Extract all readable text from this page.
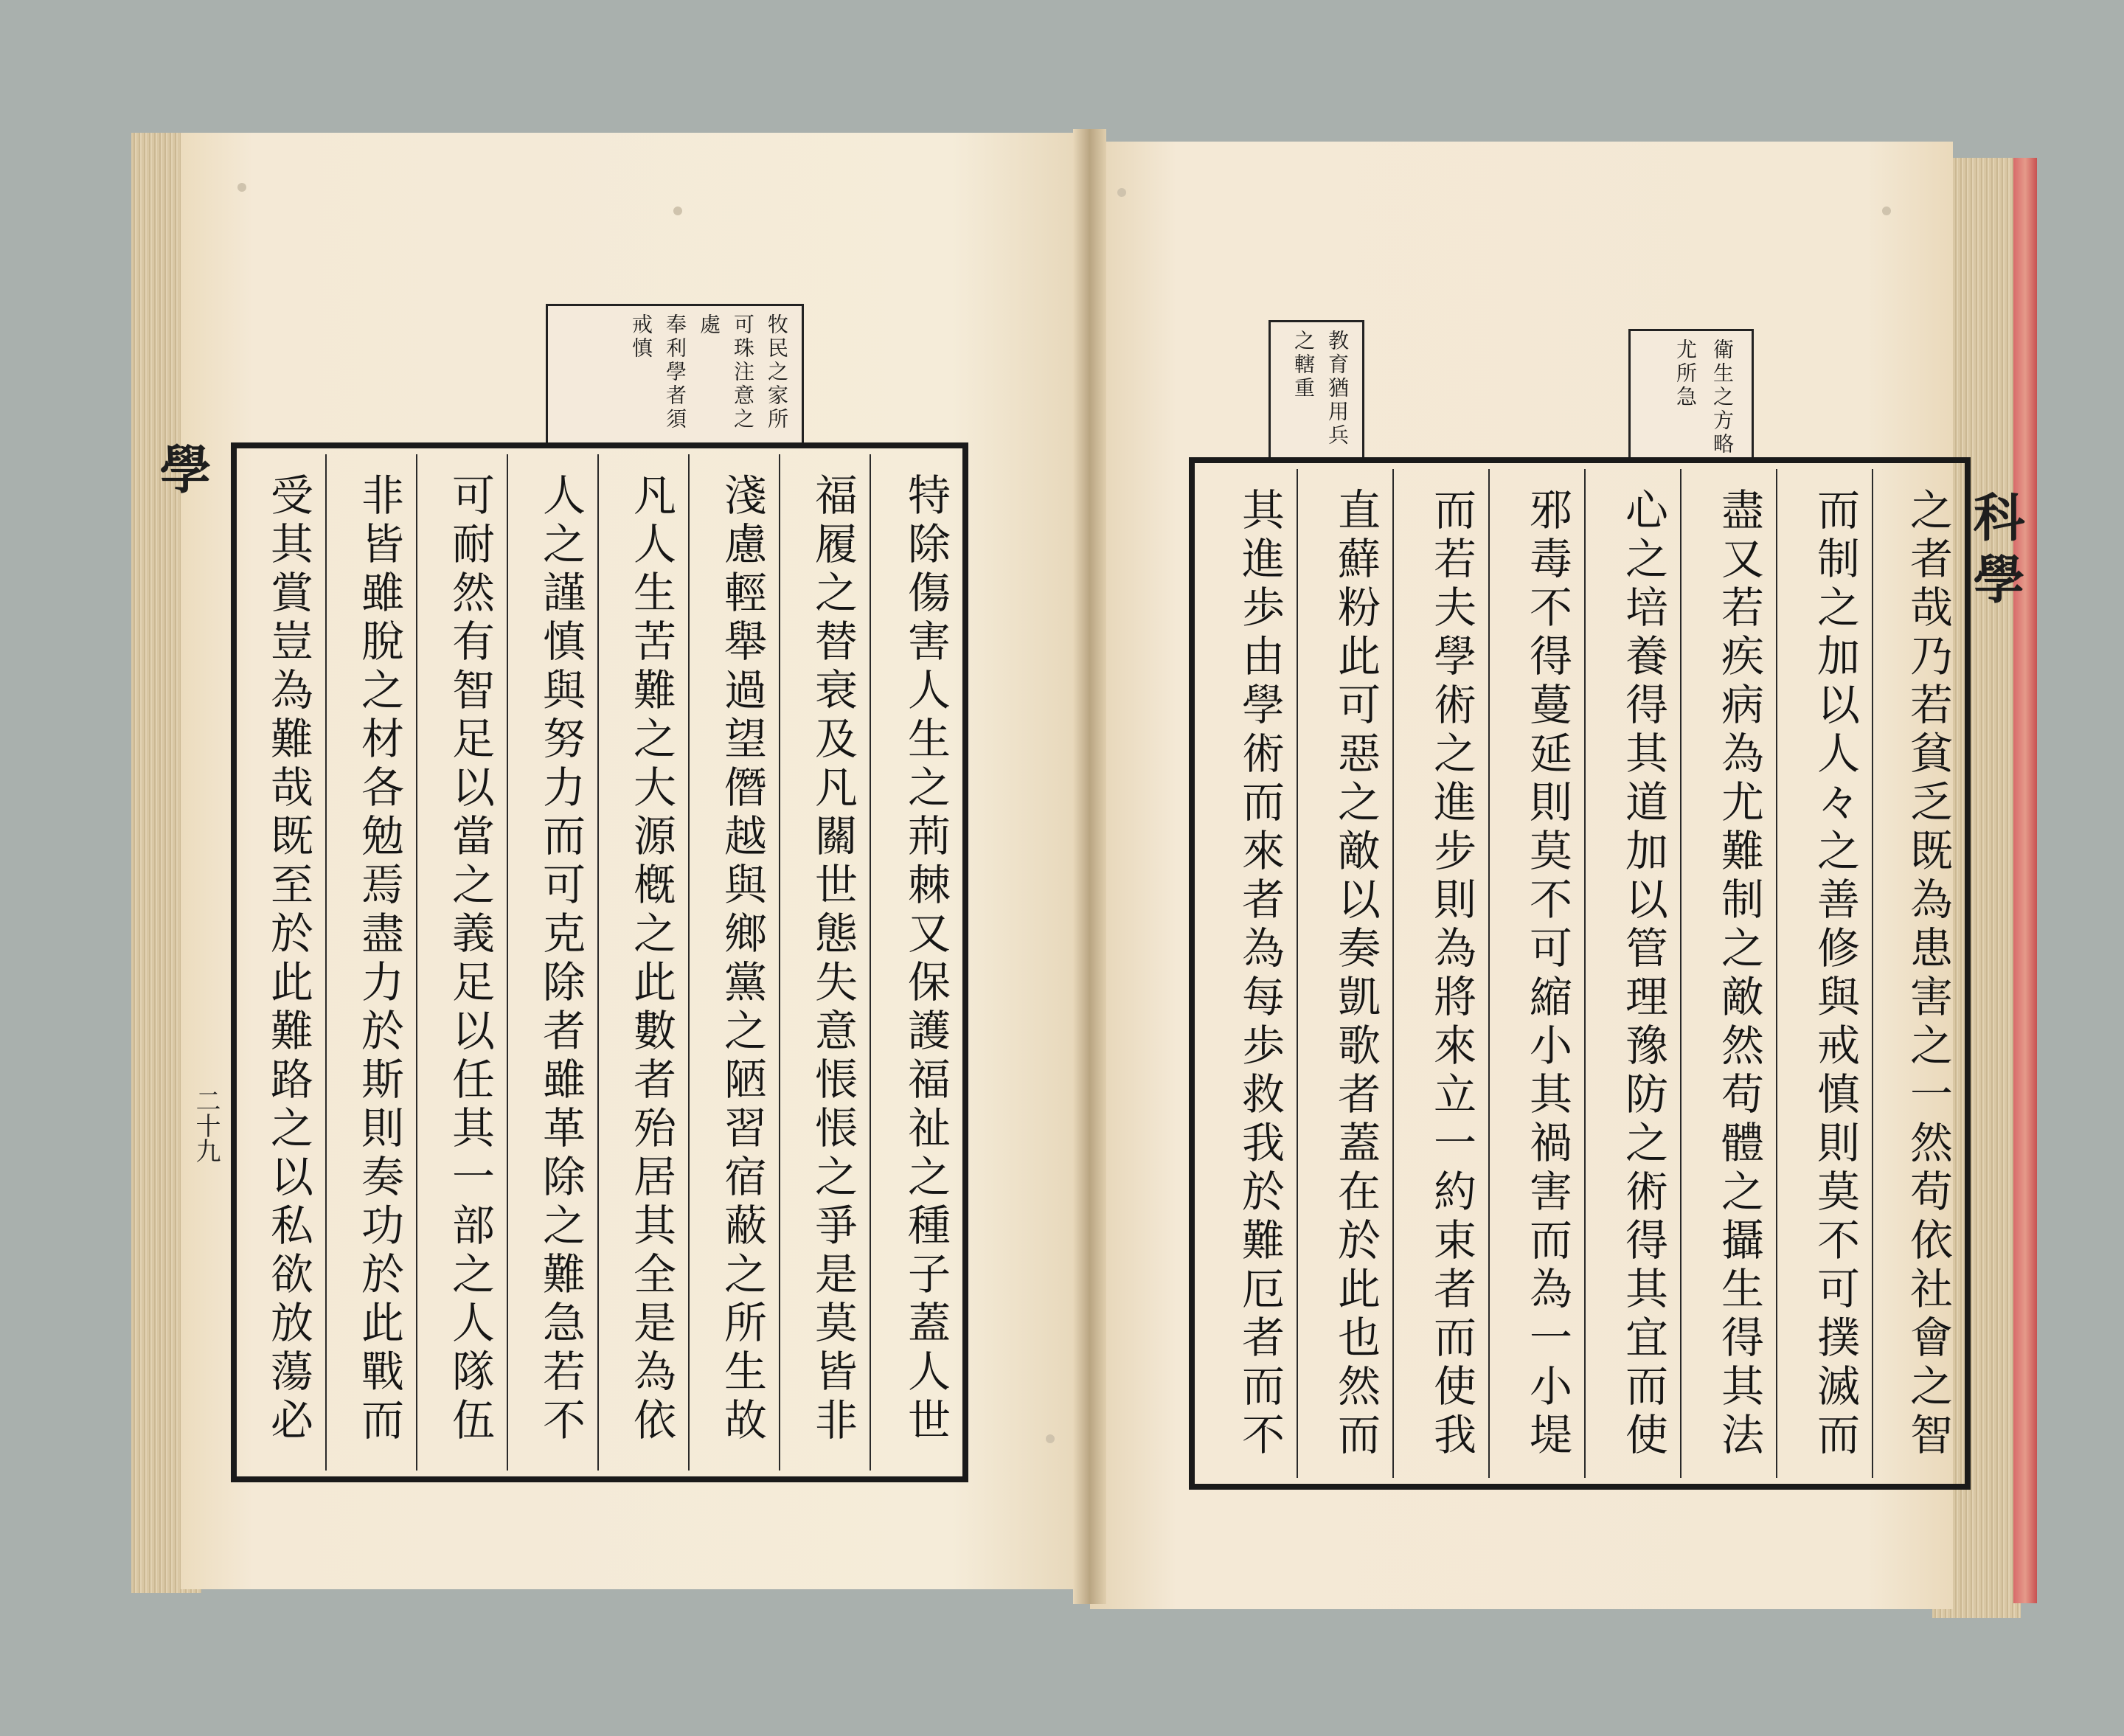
學
二十九
科學
牧民之家所
可珠注意之
處
奉利學者須
戒慎	教育猶用兵
之轄重	衛生之方略
尤所急
特除傷害人生之荊棘又保護福祉之種子蓋人世
福履之替衰及凡關世態失意悵悵之爭是莫皆非
淺慮輕舉過望僭越與鄉黨之陋習宿蔽之所生故
凡人生苦難之大源槪之此數者殆居其全是為依
人之謹慎與努力而可克除者雖革除之難急若不
可耐然有智足以當之義足以任其一部之人隊伍
非皆雖脫之材各勉焉盡力於斯則奏功於此戰而
受其賞豈為難哉既至於此難路之以私欲放蕩必	之者哉乃若貧乏既為患害之一然苟依社會之智
而制之加以人々之善修與戒慎則莫不可撲滅而
盡又若疾病為尤難制之敵然苟體之攝生得其法
心之培養得其道加以管理豫防之術得其宜而使
邪毒不得蔓延則莫不可縮小其禍害而為一小堤
而若夫學術之進步則為將來立一約束者而使我
直蘚粉此可惡之敵以奏凱歌者蓋在於此也然而
其進歩由學術而來者為每歩救我於難厄者而不
